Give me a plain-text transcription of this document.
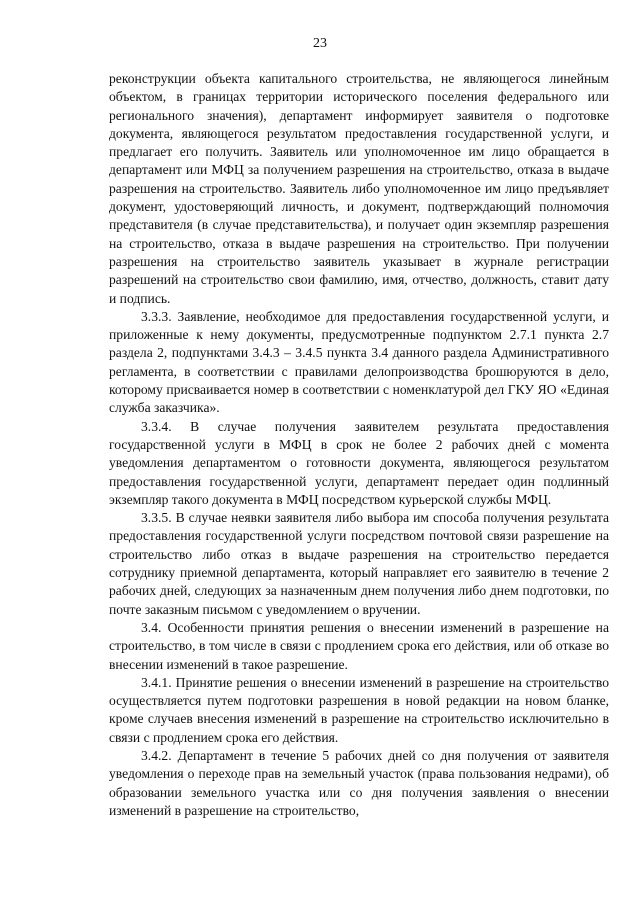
23

реконструкции объекта капитального строительства, не являющегося линейным объектом, в границах территории исторического поселения федерального или регионального значения), департамент информирует заявителя о подготовке документа, являющегося результатом предоставления государственной услуги, и предлагает его получить. Заявитель или уполномоченное им лицо обращается в департамент или МФЦ за получением разрешения на строительство, отказа в выдаче разрешения на строительство. Заявитель либо уполномоченное им лицо предъявляет документ, удостоверяющий личность, и документ, подтверждающий полномочия представителя (в случае представительства), и получает один экземпляр разрешения на строительство, отказа в выдаче разрешения на строительство. При получении разрешения на строительство заявитель указывает в журнале регистрации разрешений на строительство свои фамилию, имя, отчество, должность, ставит дату и подпись.

3.3.3. Заявление, необходимое для предоставления государственной услуги, и приложенные к нему документы, предусмотренные подпунктом 2.7.1 пункта 2.7 раздела 2, подпунктами 3.4.3 – 3.4.5 пункта 3.4 данного раздела Административного регламента, в соответствии с правилами делопроизводства брошюруются в дело, которому присваивается номер в соответствии с номенклатурой дел ГКУ ЯО «Единая служба заказчика».

3.3.4. В случае получения заявителем результата предоставления государственной услуги в МФЦ в срок не более 2 рабочих дней с момента уведомления департаментом о готовности документа, являющегося результатом предоставления государственной услуги, департамент передает один подлинный экземпляр такого документа в МФЦ посредством курьерской службы МФЦ.

3.3.5. В случае неявки заявителя либо выбора им способа получения результата предоставления государственной услуги посредством почтовой связи разрешение на строительство либо отказ в выдаче разрешения на строительство передается сотруднику приемной департамента, который направляет его заявителю в течение 2 рабочих дней, следующих за назначенным днем получения либо днем подготовки, по почте заказным письмом с уведомлением о вручении.

3.4. Особенности принятия решения о внесении изменений в разрешение на строительство, в том числе в связи с продлением срока его действия, или об отказе во внесении изменений в такое разрешение.

3.4.1. Принятие решения о внесении изменений в разрешение на строительство осуществляется путем подготовки разрешения в новой редакции на новом бланке, кроме случаев внесения изменений в разрешение на строительство исключительно в связи с продлением срока его действия.

3.4.2. Департамент в течение 5 рабочих дней со дня получения от заявителя уведомления о переходе прав на земельный участок (права пользования недрами), об образовании земельного участка или со дня получения заявления о внесении изменений в разрешение на строительство,
